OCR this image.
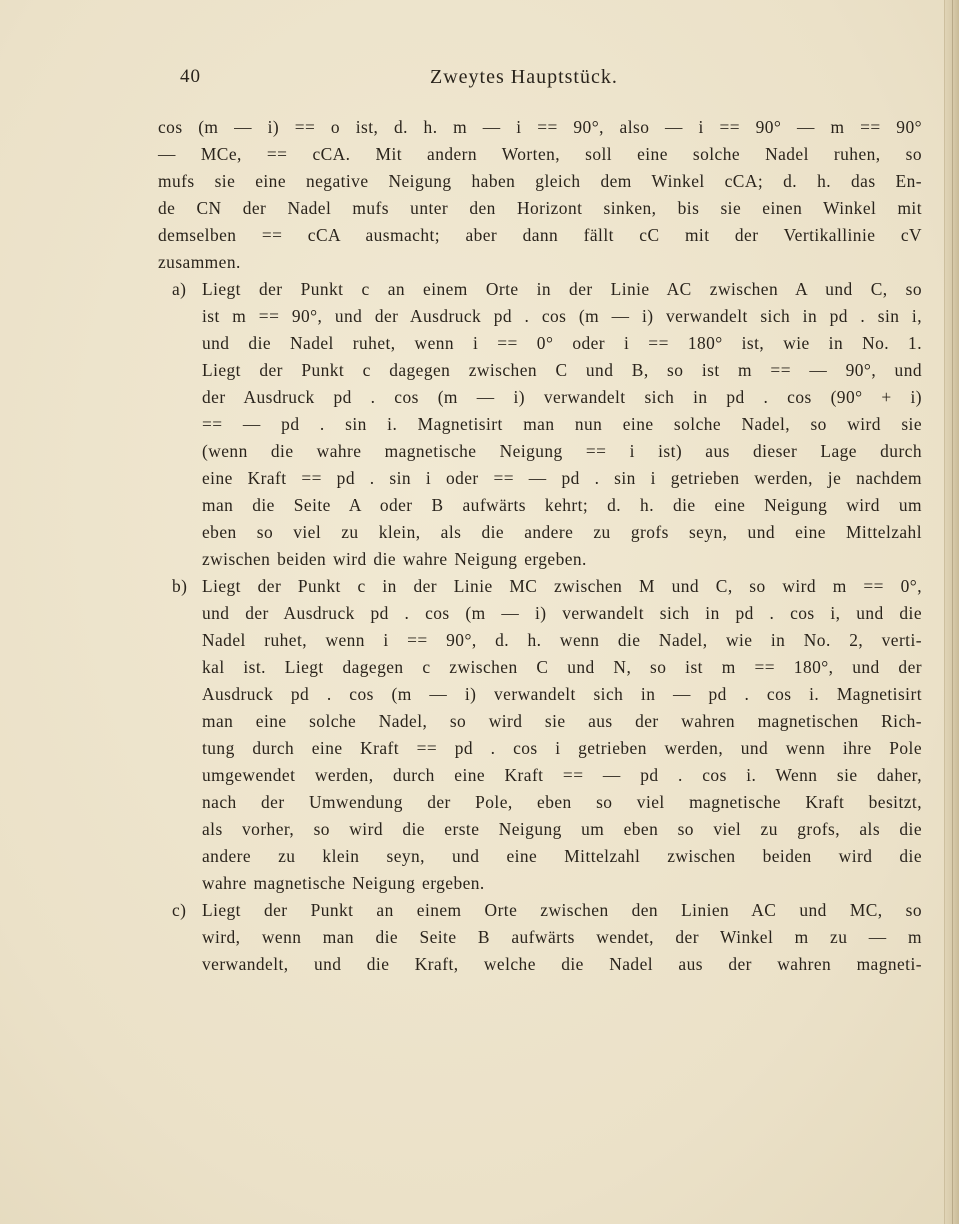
40	Zweytes Hauptstück.
cos (m — i) == o ist, d. h. m — i == 90°, also — i == 90° — m == 90°
— MCe, == cCA. Mit andern Worten, soll eine solche Nadel ruhen, so
mufs sie eine negative Neigung haben gleich dem Winkel cCA; d. h. das En-
de CN der Nadel mufs unter den Horizont sinken, bis sie einen Winkel mit
demselben == cCA ausmacht; aber dann fällt cC mit der Vertikallinie cV
zusammen.
a) Liegt der Punkt c an einem Orte in der Linie AC zwischen A und C, so
ist m == 90°, und der Ausdruck pd . cos (m — i) verwandelt sich in pd . sin i,
und die Nadel ruhet, wenn i == 0° oder i == 180° ist, wie in No. 1.
Liegt der Punkt c dagegen zwischen C und B, so ist m == — 90°, und
der Ausdruck pd . cos (m — i) verwandelt sich in pd . cos (90° + i)
== — pd . sin i. Magnetisirt man nun eine solche Nadel, so wird sie
(wenn die wahre magnetische Neigung == i ist) aus dieser Lage durch
eine Kraft == pd . sin i oder == — pd . sin i getrieben werden, je nachdem
man die Seite A oder B aufwärts kehrt; d. h. die eine Neigung wird um
eben so viel zu klein, als die andere zu grofs seyn, und eine Mittelzahl
zwischen beiden wird die wahre Neigung ergeben.
b) Liegt der Punkt c in der Linie MC zwischen M und C, so wird m == 0°,
und der Ausdruck pd . cos (m — i) verwandelt sich in pd . cos i, und die
Nadel ruhet, wenn i == 90°, d. h. wenn die Nadel, wie in No. 2, verti-
kal ist. Liegt dagegen c zwischen C und N, so ist m == 180°, und der
Ausdruck pd . cos (m — i) verwandelt sich in — pd . cos i. Magnetisirt
man eine solche Nadel, so wird sie aus der wahren magnetischen Rich-
tung durch eine Kraft == pd . cos i getrieben werden, und wenn ihre Pole
umgewendet werden, durch eine Kraft == — pd . cos i. Wenn sie daher,
nach der Umwendung der Pole, eben so viel magnetische Kraft besitzt,
als vorher, so wird die erste Neigung um eben so viel zu grofs, als die
andere zu klein seyn, und eine Mittelzahl zwischen beiden wird die
wahre magnetische Neigung ergeben.
c) Liegt der Punkt an einem Orte zwischen den Linien AC und MC, so
wird, wenn man die Seite B aufwärts wendet, der Winkel m zu — m
verwandelt, und die Kraft, welche die Nadel aus der wahren magneti-
